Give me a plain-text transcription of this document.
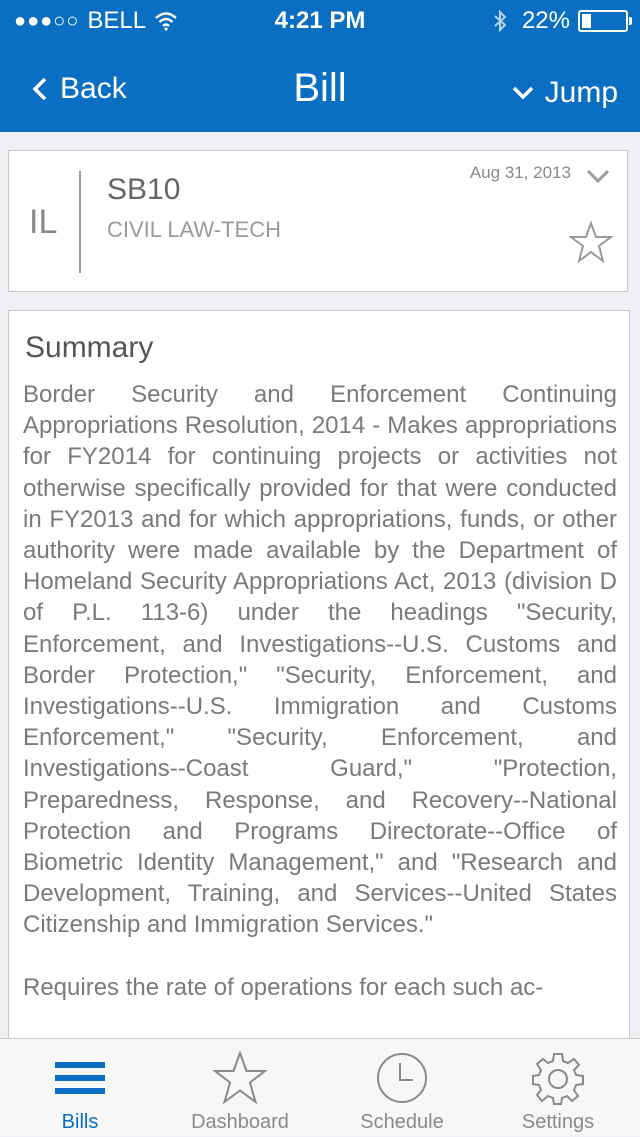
●●●○○ BELL	4:21 PM	22%
Back	Bill	Jump
IL
SB10
CIVIL LAW-TECH
Aug 31, 2013
Summary

Border Security and Enforcement Continuing Appropriations Resolution, 2014 - Makes appropriations for FY2014 for continuing projects or activities not otherwise specifically provided for that were conducted in FY2013 and for which appropriations, funds, or other authority were made available by the Department of Homeland Security Appropriations Act, 2013 (division D of P.L. 113-6) under the headings "Security, Enforcement, and Investigations--U.S. Customs and Border Protection," "Security, Enforcement, and Investigations--U.S. Immigration and Customs Enforcement," "Security, Enforcement, and Investigations--Coast Guard," "Protection, Preparedness, Response, and Recovery--National Protection and Programs Directorate--Office of Biometric Identity Management," and "Research and Development, Training, and Services--United States Citizenship and Immigration Services."

Requires the rate of operations for each such ac-

Bills	Dashboard	Schedule	Settings
